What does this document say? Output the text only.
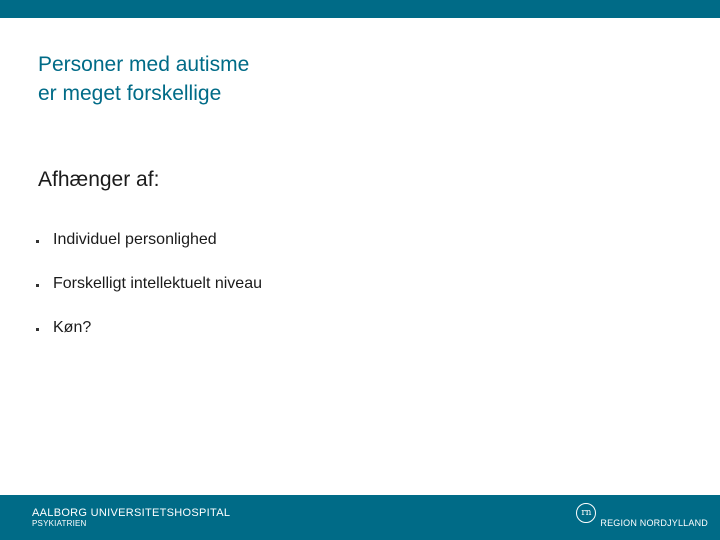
Personer med autisme
er meget forskellige
Afhænger af:
Individuel personlighed
Forskelligt intellektuelt niveau
Køn?
AALBORG UNIVERSITETSHOSPITAL
PSYKIATRIEN
rn
REGION NORDJYLLAND
